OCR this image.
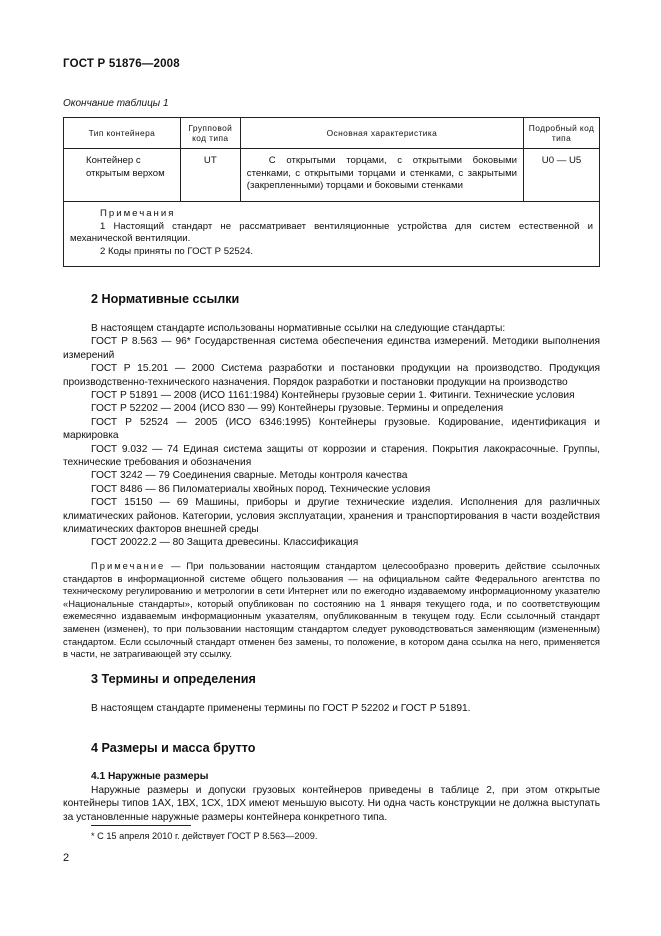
ГОСТ Р 51876—2008
Окончание таблицы 1
Тип контейнера	Групповой код типа	Основная характеристика	Подробный код типа
Контейнер с открытым верхом	UT	С открытыми торцами, с открытыми боковыми стенками, с открытыми торцами и стенками, с закрытыми (закрепленными) торцами и боковыми стенками	U0 — U5

Примечания
1 Настоящий стандарт не рассматривает вентиляционные устройства для систем естественной и механической вентиляции.
2 Коды приняты по ГОСТ Р 52524.			
2 Нормативные ссылки
В настоящем стандарте использованы нормативные ссылки на следующие стандарты:
ГОСТ Р 8.563 — 96* Государственная система обеспечения единства измерений. Методики выполнения измерений
ГОСТ Р 15.201 — 2000 Система разработки и постановки продукции на производство. Продукция производственно-технического назначения. Порядок разработки и постановки продукции на производство
ГОСТ Р 51891 — 2008 (ИСО 1161:1984) Контейнеры грузовые серии 1. Фитинги. Технические условия
ГОСТ Р 52202 — 2004 (ИСО 830 — 99) Контейнеры грузовые. Термины и определения
ГОСТ Р 52524 — 2005 (ИСО 6346:1995) Контейнеры грузовые. Кодирование, идентификация и маркировка
ГОСТ 9.032 — 74 Единая система защиты от коррозии и старения. Покрытия лакокрасочные. Группы, технические требования и обозначения
ГОСТ 3242 — 79 Соединения сварные. Методы контроля качества
ГОСТ 8486 — 86 Пиломатериалы хвойных пород. Технические условия
ГОСТ 15150 — 69 Машины, приборы и другие технические изделия. Исполнения для различных климатических районов. Категории, условия эксплуатации, хранения и транспортирования в части воздействия климатических факторов внешней среды
ГОСТ 20022.2 — 80 Защита древесины. Классификация
Примечание — При пользовании настоящим стандартом целесообразно проверить действие ссылочных стандартов в информационной системе общего пользования — на официальном сайте Федерального агентства по техническому регулированию и метрологии в сети Интернет или по ежегодно издаваемому информационному указателю «Национальные стандарты», который опубликован по состоянию на 1 января текущего года, и по соответствующим ежемесячно издаваемым информационным указателям, опубликованным в текущем году. Если ссылочный стандарт заменен (изменен), то при пользовании настоящим стандартом следует руководствоваться заменяющим (измененным) стандартом. Если ссылочный стандарт отменен без замены, то положение, в котором дана ссылка на него, применяется в части, не затрагивающей эту ссылку.
3 Термины и определения
В настоящем стандарте применены термины по ГОСТ Р 52202 и ГОСТ Р 51891.
4 Размеры и масса брутто
4.1 Наружные размеры
Наружные размеры и допуски грузовых контейнеров приведены в таблице 2, при этом открытые контейнеры типов 1АХ, 1ВХ, 1СХ, 1DX имеют меньшую высоту. Ни одна часть конструкции не должна выступать за установленные наружные размеры контейнера конкретного типа.
* С 15 апреля 2010 г. действует ГОСТ Р 8.563—2009.
2
